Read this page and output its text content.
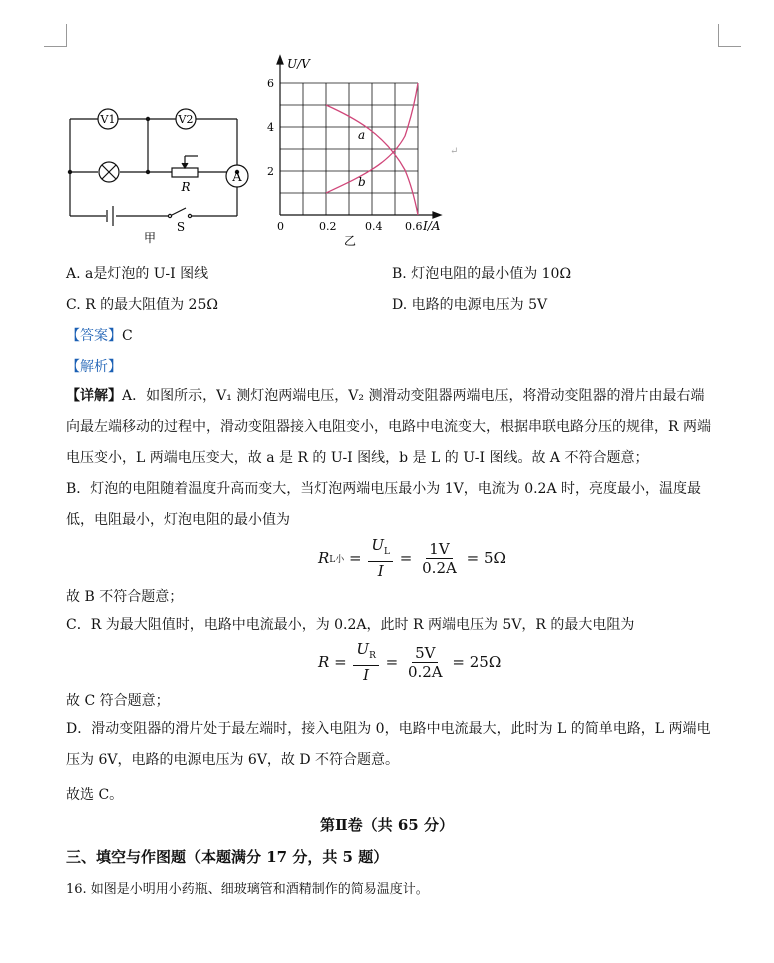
V1	V2
A
R
S
甲
a
b
U/V
I/A
6
4
2
0	0.2	0.4 0.6
乙
↵
A. a是灯泡的 U-I 图线	B. 灯泡电阻的最小值为 10Ω
C. R 的最大阻值为 25Ω	D. 电路的电源电压为 5V
【答案】C
【解析】
【详解】A．如图所示，V₁ 测灯泡两端电压，V₂ 测滑动变阻器两端电压，将滑动变阻器的滑片由最右端向最左端移动的过程中，滑动变阻器接入电阻变小，电路中电流变大，根据串联电路分压的规律，R 两端电压变小，L 两端电压变大，故 a 是 R 的 U-I 图线，b 是 L 的 U-I 图线。故 A 不符合题意；
B．灯泡的电阻随着温度升高而变大，当灯泡两端电压最小为 1V，电流为 0.2A 时，亮度最小，温度最低，电阻最小，灯泡电阻的最小值为
R L小 = $\frac{U_L}{I} = \frac{1V}{0.2A}$
= 5Ω
故 B 不符合题意；
C．R 为最大阻值时，电路中电流最小，为 0.2A，此时 R 两端电压为 5V，R 的最大电阻为
$R = \frac{U_R}{I} = \frac{5V}{0.2A}$
= 25Ω
故 C 符合题意；
D．滑动变阻器的滑片处于最左端时，接入电阻为 0，电路中电流最大，此时为 L 的简单电路，L 两端电压为 6V，电路的电源电压为 6V，故 D 不符合题意。
故选 C。
第Ⅱ卷（共 65 分）
三、填空与作图题（本题满分 17 分，共 5 题）
16. 如图是小明用小药瓶、细玻璃管和酒精制作的简易温度计。
